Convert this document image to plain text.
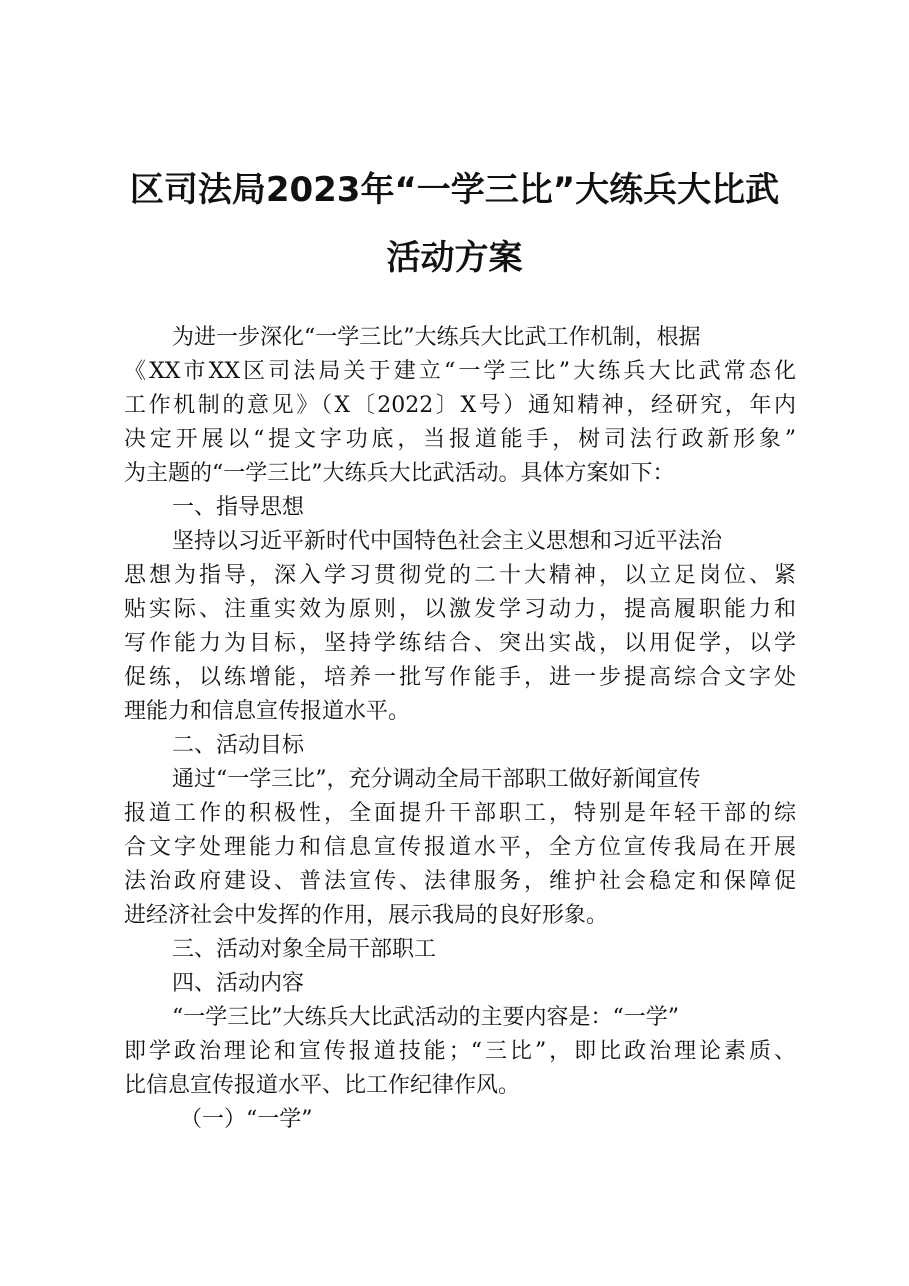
区司法局2023年“一学三比”大练兵大比武
活动方案
为进一步深化“一学三比”大练兵大比武工作机制，根据
《XX市XX区司法局关于建立“一学三比”大练兵大比武常态化
工作机制的意见》（X〔2022〕X号）通知精神，经研究，年内
决定开展以“提文字功底，当报道能手，树司法行政新形象”
为主题的“一学三比”大练兵大比武活动。具体方案如下：
一、指导思想
坚持以习近平新时代中国特色社会主义思想和习近平法治
思想为指导，深入学习贯彻党的二十大精神，以立足岗位、紧
贴实际、注重实效为原则，以激发学习动力，提高履职能力和
写作能力为目标，坚持学练结合、突出实战，以用促学，以学
促练，以练增能，培养一批写作能手，进一步提高综合文字处
理能力和信息宣传报道水平。
二、活动目标
通过“一学三比”，充分调动全局干部职工做好新闻宣传
报道工作的积极性，全面提升干部职工，特别是年轻干部的综
合文字处理能力和信息宣传报道水平，全方位宣传我局在开展
法治政府建设、普法宣传、法律服务，维护社会稳定和保障促
进经济社会中发挥的作用，展示我局的良好形象。
三、活动对象全局干部职工
四、活动内容
“一学三比”大练兵大比武活动的主要内容是：“一学”
即学政治理论和宣传报道技能；“三比”，即比政治理论素质、
比信息宣传报道水平、比工作纪律作风。
（一）“一学”
